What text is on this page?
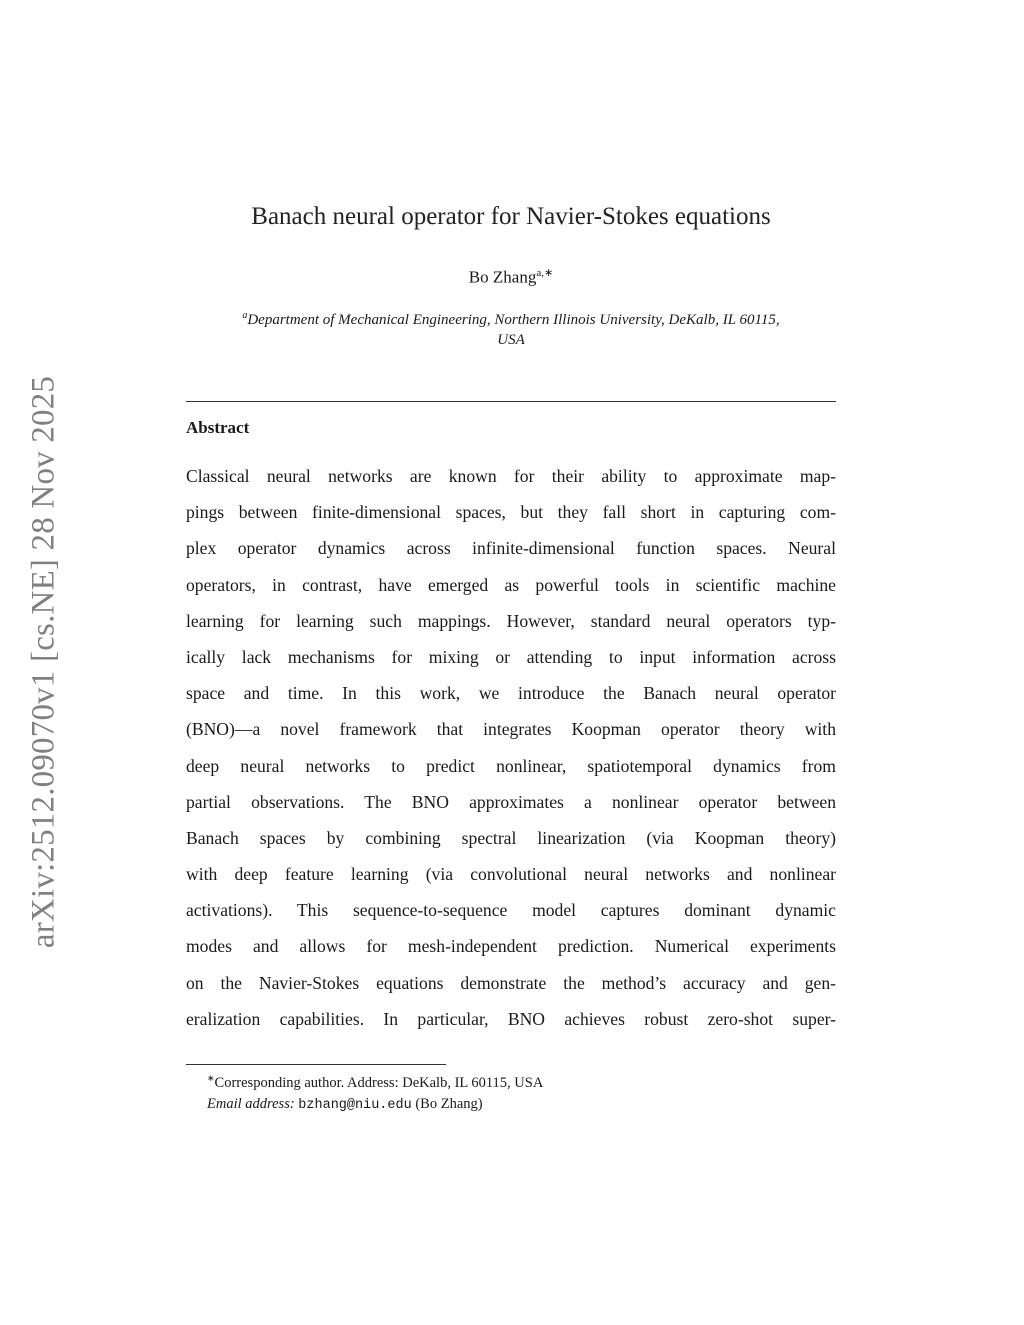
arXiv:2512.09070v1 [cs.NE] 28 Nov 2025
Banach neural operator for Navier-Stokes equations
Bo Zhang$^{a,∗}$
$^a$Department of Mechanical Engineering, Northern Illinois University, DeKalb, IL 60115,
USA
Abstract
Classical neural networks are known for their ability to approximate map-
pings between finite-dimensional spaces, but they fall short in capturing com-
plex operator dynamics across infinite-dimensional function spaces. Neural
operators, in contrast, have emerged as powerful tools in scientific machine
learning for learning such mappings. However, standard neural operators typ-
ically lack mechanisms for mixing or attending to input information across
space and time. In this work, we introduce the Banach neural operator
(BNO)—a novel framework that integrates Koopman operator theory with
deep neural networks to predict nonlinear, spatiotemporal dynamics from
partial observations. The BNO approximates a nonlinear operator between
Banach spaces by combining spectral linearization (via Koopman theory)
with deep feature learning (via convolutional neural networks and nonlinear
activations). This sequence-to-sequence model captures dominant dynamic
modes and allows for mesh-independent prediction. Numerical experiments
on the Navier-Stokes equations demonstrate the method’s accuracy and gen-
eralization capabilities. In particular, BNO achieves robust zero-shot super-
∗Corresponding author. Address: DeKalb, IL 60115, USA
Email address: bzhang@niu.edu (Bo Zhang)
